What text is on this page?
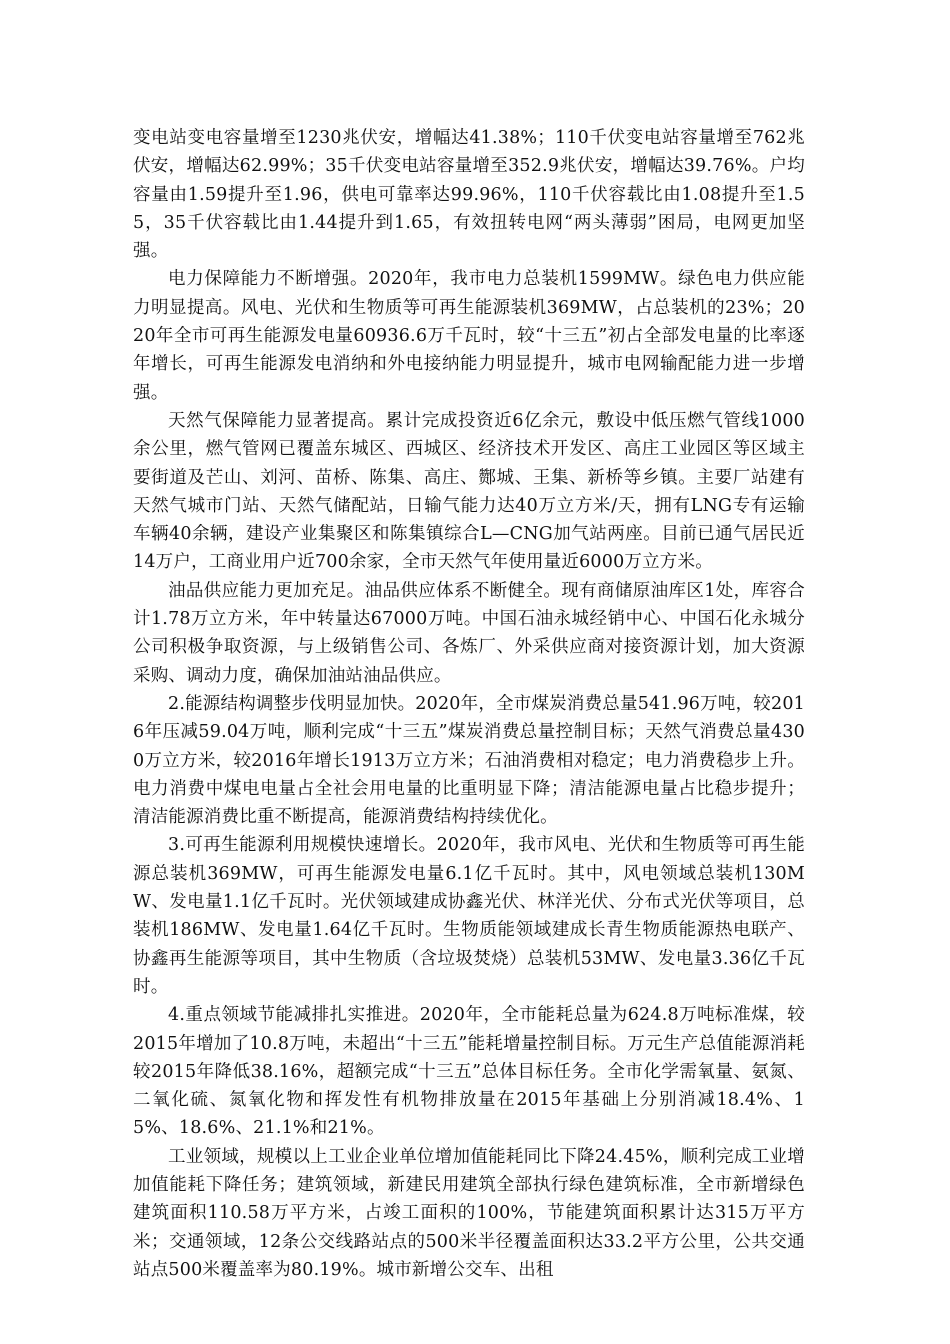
变电站变电容量增至1230兆伏安，增幅达41.38%；110千伏变电站容量增至762兆伏安，增幅达62.99%；35千伏变电站容量增至352.9兆伏安，增幅达39.76%。户均容量由1.59提升至1.96，供电可靠率达99.96%，110千伏容载比由1.08提升至1.55，35千伏容载比由1.44提升到1.65，有效扭转电网“两头薄弱”困局，电网更加坚强。

电力保障能力不断增强。2020年，我市电力总装机1599MW。绿色电力供应能力明显提高。风电、光伏和生物质等可再生能源装机369MW，占总装机的23%；2020年全市可再生能源发电量60936.6万千瓦时，较“十三五”初占全部发电量的比率逐年增长，可再生能源发电消纳和外电接纳能力明显提升，城市电网输配能力进一步增强。

天然气保障能力显著提高。累计完成投资近6亿余元，敷设中低压燃气管线1000余公里，燃气管网已覆盖东城区、西城区、经济技术开发区、高庄工业园区等区域主要街道及芒山、刘河、苗桥、陈集、高庄、酂城、王集、新桥等乡镇。主要厂站建有天然气城市门站、天然气储配站，日输气能力达40万立方米/天，拥有LNG专有运输车辆40余辆，建设产业集聚区和陈集镇综合L—CNG加气站两座。目前已通气居民近14万户，工商业用户近700余家，全市天然气年使用量近6000万立方米。

油品供应能力更加充足。油品供应体系不断健全。现有商储原油库区1处，库容合计1.78万立方米，年中转量达67000万吨。中国石油永城经销中心、中国石化永城分公司积极争取资源，与上级销售公司、各炼厂、外采供应商对接资源计划，加大资源采购、调动力度，确保加油站油品供应。

2.能源结构调整步伐明显加快。2020年，全市煤炭消费总量541.96万吨，较2016年压减59.04万吨，顺利完成“十三五”煤炭消费总量控制目标；天然气消费总量4300万立方米，较2016年增长1913万立方米；石油消费相对稳定；电力消费稳步上升。电力消费中煤电电量占全社会用电量的比重明显下降；清洁能源电量占比稳步提升；清洁能源消费比重不断提高，能源消费结构持续优化。

3.可再生能源利用规模快速增长。2020年，我市风电、光伏和生物质等可再生能源总装机369MW，可再生能源发电量6.1亿千瓦时。其中，风电领域总装机130MW、发电量1.1亿千瓦时。光伏领域建成协鑫光伏、林洋光伏、分布式光伏等项目，总装机186MW、发电量1.64亿千瓦时。生物质能领域建成长青生物质能源热电联产、协鑫再生能源等项目，其中生物质（含垃圾焚烧）总装机53MW、发电量3.36亿千瓦时。

4.重点领域节能减排扎实推进。2020年，全市能耗总量为624.8万吨标准煤，较2015年增加了10.8万吨，未超出“十三五”能耗增量控制目标。万元生产总值能源消耗较2015年降低38.16%，超额完成“十三五”总体目标任务。全市化学需氧量、氨氮、二氧化硫、氮氧化物和挥发性有机物排放量在2015年基础上分别消减18.4%、15%、18.6%、21.1%和21%。

工业领域，规模以上工业企业单位增加值能耗同比下降24.45%，顺利完成工业增加值能耗下降任务；建筑领域，新建民用建筑全部执行绿色建筑标准，全市新增绿色建筑面积110.58万平方米，占竣工面积的100%，节能建筑面积累计达315万平方米；交通领域，12条公交线路站点的500米半径覆盖面积达33.2平方公里，公共交通站点500米覆盖率为80.19%。城市新增公交车、出租
